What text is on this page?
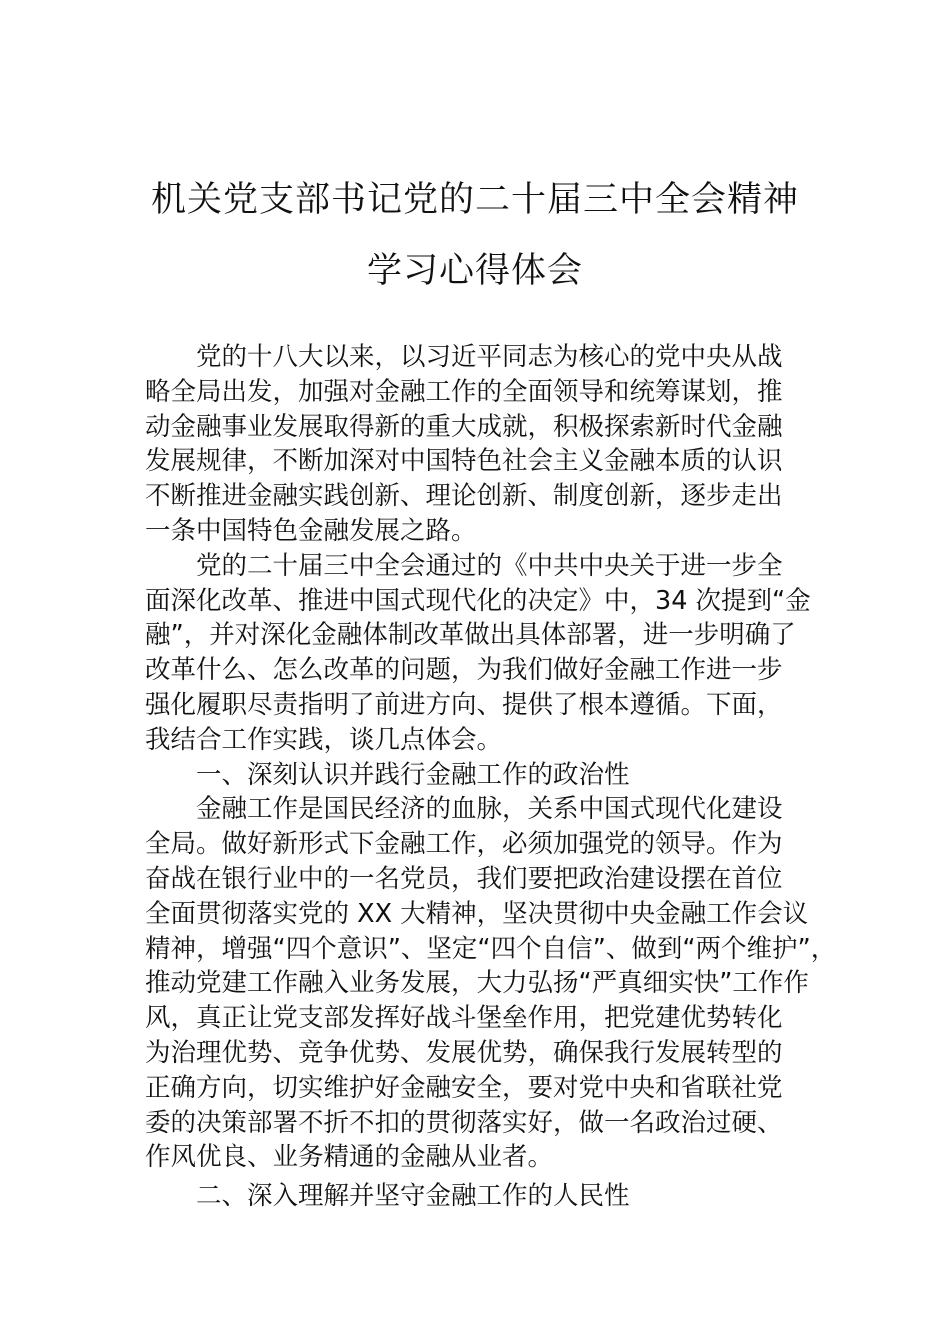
机关党支部书记党的二十届三中全会精神
学习心得体会
党的十八大以来，以习近平同志为核心的党中央从战
略全局出发，加强对金融工作的全面领导和统筹谋划，推
动金融事业发展取得新的重大成就，积极探索新时代金融
发展规律，不断加深对中国特色社会主义金融本质的认识
不断推进金融实践创新、理论创新、制度创新，逐步走出
一条中国特色金融发展之路。
党的二十届三中全会通过的《中共中央关于进一步全
面深化改革、推进中国式现代化的决定》中，34 次提到“金
融”，并对深化金融体制改革做出具体部署，进一步明确了
改革什么、怎么改革的问题，为我们做好金融工作进一步
强化履职尽责指明了前进方向、提供了根本遵循。下面，
我结合工作实践，谈几点体会。
一、深刻认识并践行金融工作的政治性
金融工作是国民经济的血脉，关系中国式现代化建设
全局。做好新形式下金融工作，必须加强党的领导。作为
奋战在银行业中的一名党员，我们要把政治建设摆在首位
全面贯彻落实党的 XX 大精神，坚决贯彻中央金融工作会议
精神，增强“四个意识”、坚定“四个自信”、做到“两个维护”，
推动党建工作融入业务发展，大力弘扬“严真细实快”工作作
风，真正让党支部发挥好战斗堡垒作用，把党建优势转化
为治理优势、竞争优势、发展优势，确保我行发展转型的
正确方向，切实维护好金融安全，要对党中央和省联社党
委的决策部署不折不扣的贯彻落实好，做一名政治过硬、
作风优良、业务精通的金融从业者。
二、深入理解并坚守金融工作的人民性
